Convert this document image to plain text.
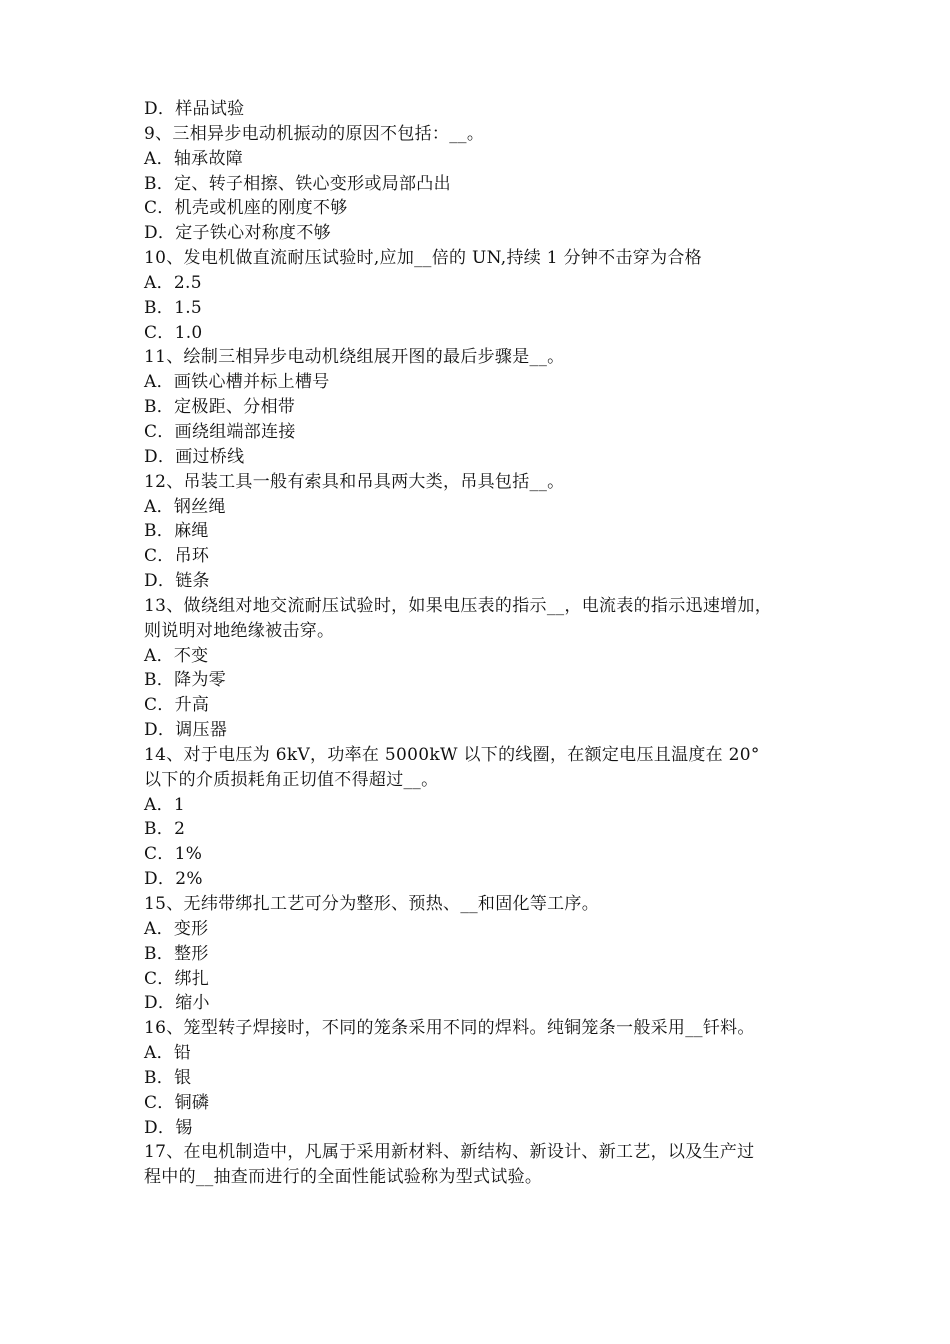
D．样品试验
9、三相异步电动机振动的原因不包括：__。
A．轴承故障
B．定、转子相擦、铁心变形或局部凸出
C．机壳或机座的刚度不够
D．定子铁心对称度不够
10、发电机做直流耐压试验时,应加__倍的 UN,持续 1 分钟不击穿为合格
A．2.5
B．1.5
C．1.0
11、绘制三相异步电动机绕组展开图的最后步骤是__。
A．画铁心槽并标上槽号
B．定极距、分相带
C．画绕组端部连接
D．画过桥线
12、吊装工具一般有索具和吊具两大类，吊具包括__。
A．钢丝绳
B．麻绳
C．吊环
D．链条
13、做绕组对地交流耐压试验时，如果电压表的指示__，电流表的指示迅速增加，
则说明对地绝缘被击穿。
A．不变
B．降为零
C．升高
D．调压器
14、对于电压为 6kV，功率在 5000kW 以下的线圈，在额定电压且温度在 20°
以下的介质损耗角正切值不得超过__。
A．1
B．2
C．1%
D．2%
15、无纬带绑扎工艺可分为整形、预热、__和固化等工序。
A．变形
B．整形
C．绑扎
D．缩小
16、笼型转子焊接时，不同的笼条采用不同的焊料。纯铜笼条一般采用__钎料。
A．铅
B．银
C．铜磷
D．锡
17、在电机制造中，凡属于采用新材料、新结构、新设计、新工艺，以及生产过
程中的__抽查而进行的全面性能试验称为型式试验。
